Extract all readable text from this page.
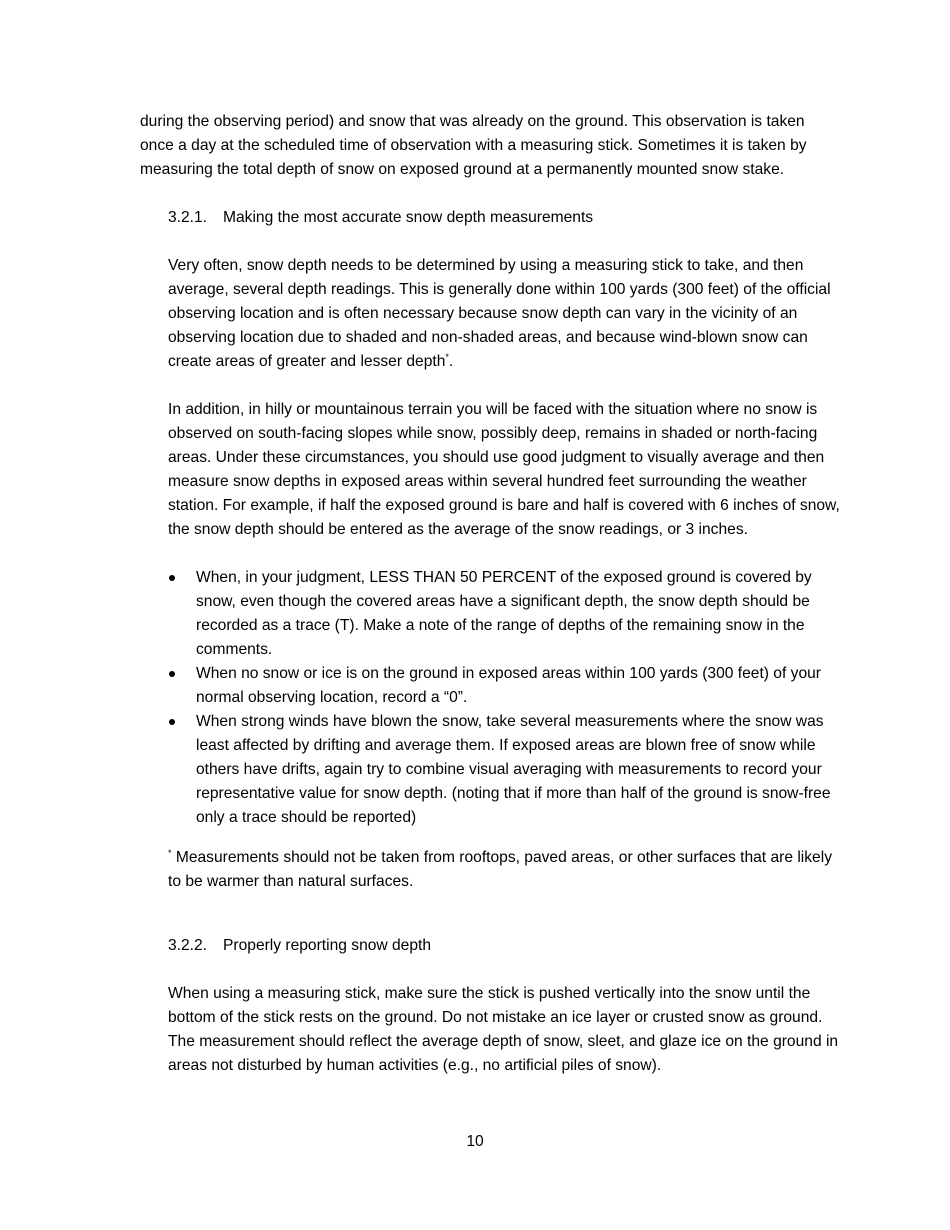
during the observing period) and snow that was already on the ground. This observation is taken once a day at the scheduled time of observation with a measuring stick. Sometimes it is taken by measuring the total depth of snow on exposed ground at a permanently mounted snow stake.

3.2.1. Making the most accurate snow depth measurements

Very often, snow depth needs to be determined by using a measuring stick to take, and then average, several depth readings. This is generally done within 100 yards (300 feet) of the official observing location and is often necessary because snow depth can vary in the vicinity of an observing location due to shaded and non-shaded areas, and because wind-blown snow can create areas of greater and lesser depth*.

In addition, in hilly or mountainous terrain you will be faced with the situation where no snow is observed on south-facing slopes while snow, possibly deep, remains in shaded or north-facing areas. Under these circumstances, you should use good judgment to visually average and then measure snow depths in exposed areas within several hundred feet surrounding the weather station. For example, if half the exposed ground is bare and half is covered with 6 inches of snow, the snow depth should be entered as the average of the snow readings, or 3 inches.

When, in your judgment, LESS THAN 50 PERCENT of the exposed ground is covered by snow, even though the covered areas have a significant depth, the snow depth should be recorded as a trace (T). Make a note of the range of depths of the remaining snow in the comments.
When no snow or ice is on the ground in exposed areas within 100 yards (300 feet) of your normal observing location, record a “0”.
When strong winds have blown the snow, take several measurements where the snow was least affected by drifting and average them. If exposed areas are blown free of snow while others have drifts, again try to combine visual averaging with measurements to record your representative value for snow depth. (noting that if more than half of the ground is snow-free only a trace should be reported)

* Measurements should not be taken from rooftops, paved areas, or other surfaces that are likely to be warmer than natural surfaces.

3.2.2. Properly reporting snow depth

When using a measuring stick, make sure the stick is pushed vertically into the snow until the bottom of the stick rests on the ground. Do not mistake an ice layer or crusted snow as ground. The measurement should reflect the average depth of snow, sleet, and glaze ice on the ground in areas not disturbed by human activities (e.g., no artificial piles of snow).

10
